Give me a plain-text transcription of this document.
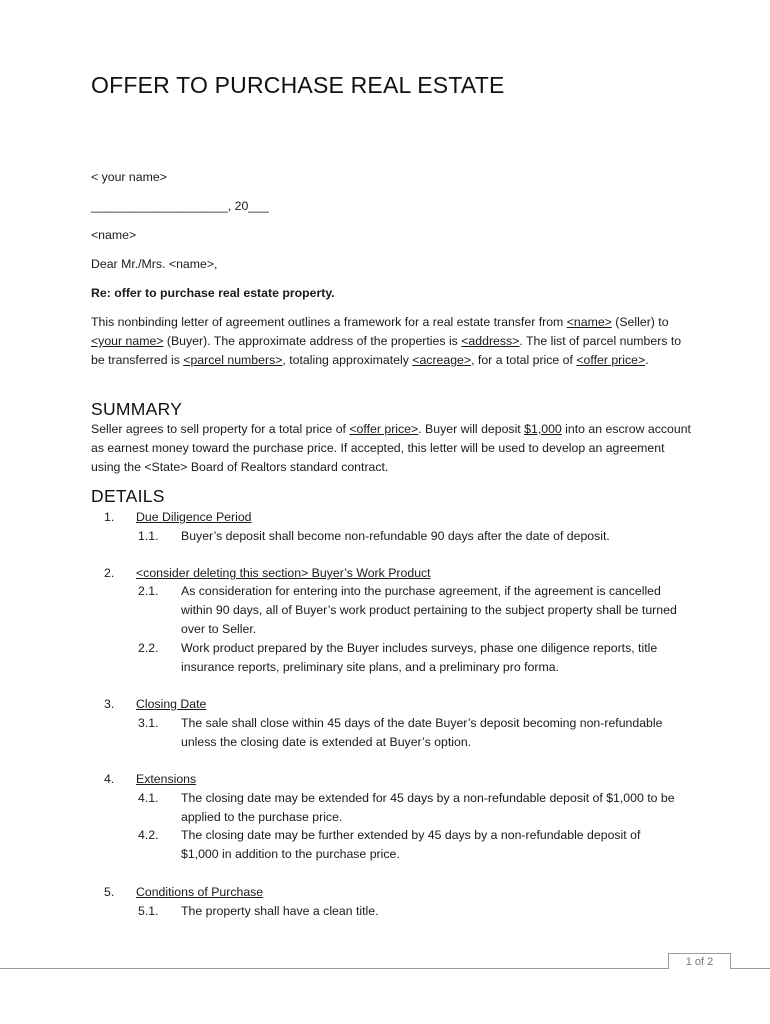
OFFER TO PURCHASE REAL ESTATE

< your name>

____________________, 20___

<name>

Dear Mr./Mrs. <name>,

Re: offer to purchase real estate property.

This nonbinding letter of agreement outlines a framework for a real estate transfer from <name> (Seller) to <your name> (Buyer). The approximate address of the properties is <address>. The list of parcel numbers to be transferred is <parcel numbers>, totaling approximately <acreage>, for a total price of <offer price>.

SUMMARY

Seller agrees to sell property for a total price of <offer price>. Buyer will deposit $1,000 into an escrow account as earnest money toward the purchase price. If accepted, this letter will be used to develop an agreement using the <State> Board of Realtors standard contract.

DETAILS
1. Due Diligence Period
1.1. Buyer’s deposit shall become non-refundable 90 days after the date of deposit.
2. <consider deleting this section> Buyer’s Work Product
2.1. As consideration for entering into the purchase agreement, if the agreement is cancelled within 90 days, all of Buyer’s work product pertaining to the subject property shall be turned over to Seller.
2.2. Work product prepared by the Buyer includes surveys, phase one diligence reports, title insurance reports, preliminary site plans, and a preliminary pro forma.
3. Closing Date
3.1. The sale shall close within 45 days of the date Buyer’s deposit becoming non-refundable unless the closing date is extended at Buyer’s option.
4. Extensions
4.1. The closing date may be extended for 45 days by a non-refundable deposit of $1,000 to be applied to the purchase price.
4.2. The closing date may be further extended by 45 days by a non-refundable deposit of $1,000 in addition to the purchase price.
5. Conditions of Purchase
5.1. The property shall have a clean title.
1 of 2
